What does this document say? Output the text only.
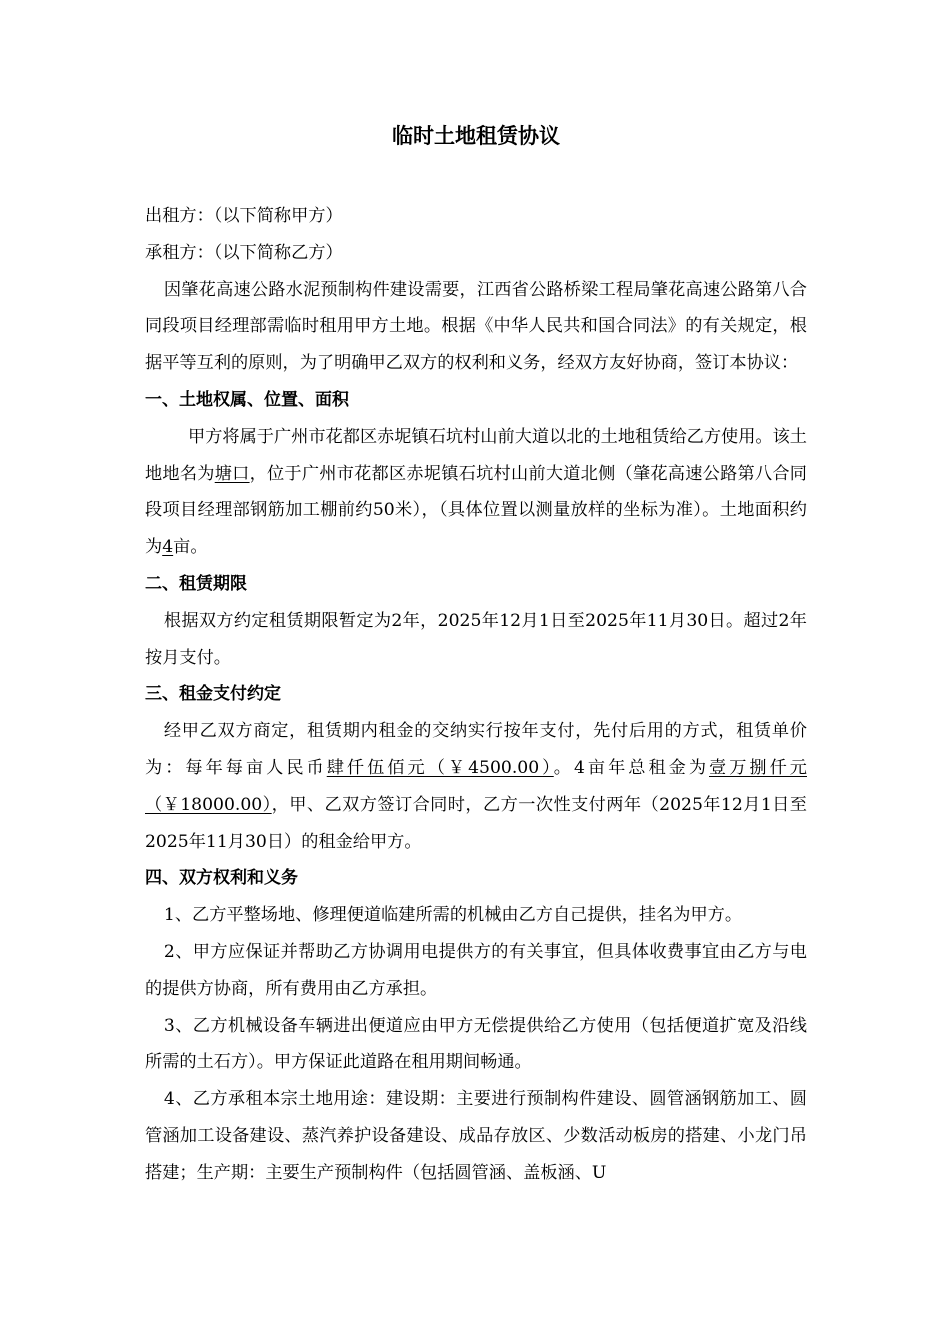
临时土地租赁协议

出租方：（以下简称甲方）

承租方：（以下简称乙方）

因肇花高速公路水泥预制构件建设需要，江西省公路桥梁工程局肇花高速公路第八合同段项目经理部需临时租用甲方土地。根据《中华人民共和国合同法》的有关规定，根据平等互利的原则，为了明确甲乙双方的权利和义务，经双方友好协商，签订本协议：

一、土地权属、位置、面积

甲方将属于广州市花都区赤坭镇石坑村山前大道以北的土地租赁给乙方使用。该土地地名为塘口，位于广州市花都区赤坭镇石坑村山前大道北侧（肇花高速公路第八合同段项目经理部钢筋加工棚前约50米），（具体位置以测量放样的坐标为准）。土地面积约为4亩。

二、租赁期限

根据双方约定租赁期限暂定为2年，2025年12月1日至2025年11月30日。超过2年按月支付。

三、租金支付约定

经甲乙双方商定，租赁期内租金的交纳实行按年支付，先付后用的方式，租赁单价为：每年每亩人民币肆仟伍佰元（￥4500.00）。4亩年总租金为壹万捌仟元（￥18000.00），甲、乙双方签订合同时，乙方一次性支付两年（2025年12月1日至2025年11月30日）的租金给甲方。

四、双方权利和义务

1、乙方平整场地、修理便道临建所需的机械由乙方自己提供，挂名为甲方。

2、甲方应保证并帮助乙方协调用电提供方的有关事宜，但具体收费事宜由乙方与电的提供方协商，所有费用由乙方承担。

3、乙方机械设备车辆进出便道应由甲方无偿提供给乙方使用（包括便道扩宽及沿线所需的土石方）。甲方保证此道路在租用期间畅通。

4、乙方承租本宗土地用途：建设期：主要进行预制构件建设、圆管涵钢筋加工、圆管涵加工设备建设、蒸汽养护设备建设、成品存放区、少数活动板房的搭建、小龙门吊搭建；生产期：主要生产预制构件（包括圆管涵、盖板涵、U
